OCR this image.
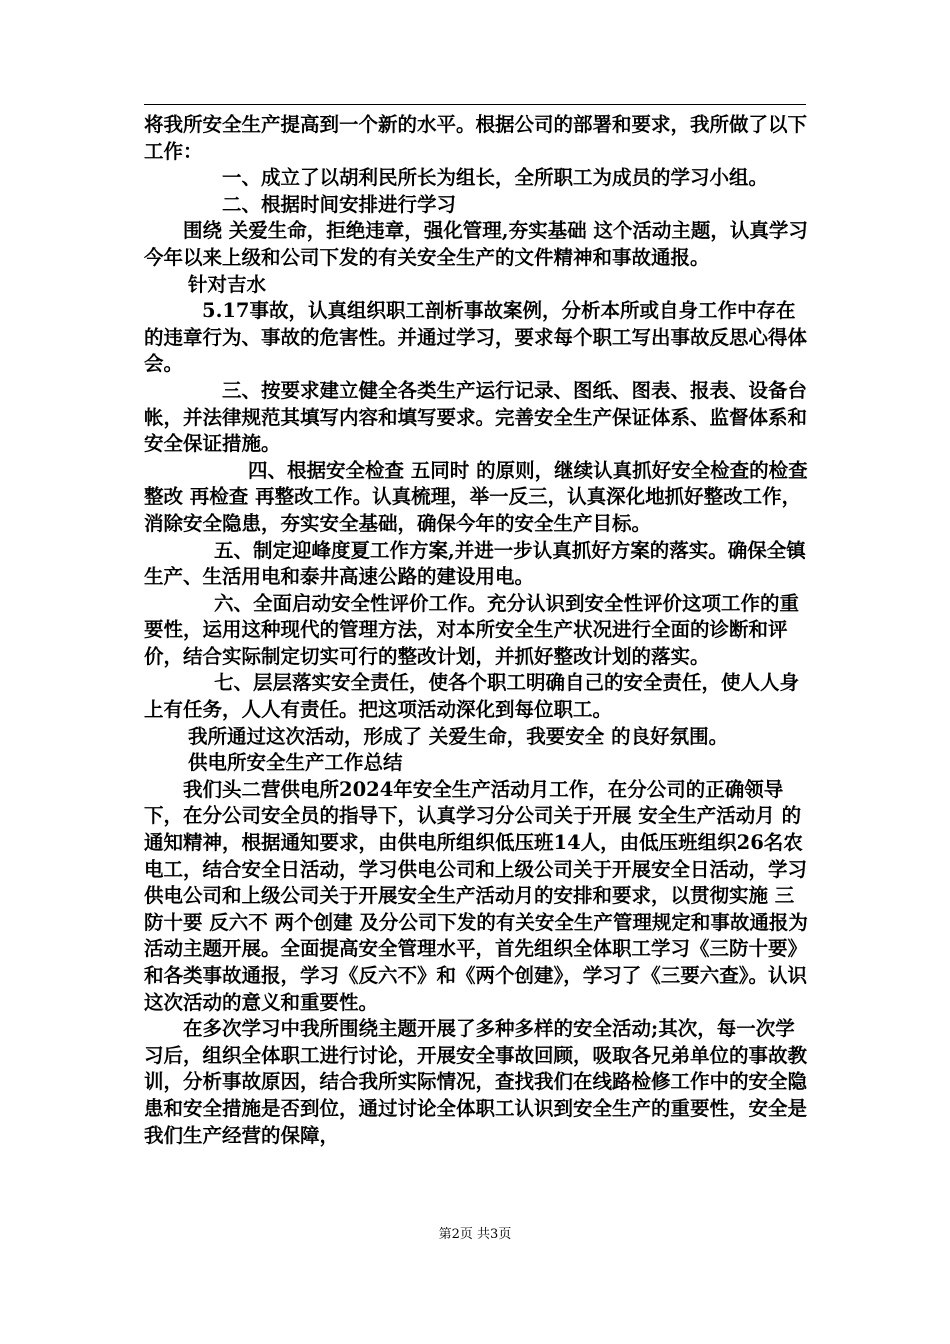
将我所安全生产提高到一个新的水平。根据公司的部署和要求，我所做了以下工作：

一、成立了以胡利民所长为组长，全所职工为成员的学习小组。

二、根据时间安排进行学习

围绕 关爱生命，拒绝违章，强化管理,夯实基础 这个活动主题，认真学习今年以来上级和公司下发的有关安全生产的文件精神和事故通报。

针对吉水

5.17事故，认真组织职工剖析事故案例，分析本所或自身工作中存在的违章行为、事故的危害性。并通过学习，要求每个职工写出事故反思心得体会。

三、按要求建立健全各类生产运行记录、图纸、图表、报表、设备台帐，并法律规范其填写内容和填写要求。完善安全生产保证体系、监督体系和安全保证措施。

四、根据安全检查 五同时 的原则，继续认真抓好安全检查的检查 整改 再检查 再整改工作。认真梳理，举一反三，认真深化地抓好整改工作，消除安全隐患，夯实安全基础，确保今年的安全生产目标。

五、制定迎峰度夏工作方案,并进一步认真抓好方案的落实。确保全镇生产、生活用电和泰井高速公路的建设用电。

六、全面启动安全性评价工作。充分认识到安全性评价这项工作的重要性，运用这种现代的管理方法，对本所安全生产状况进行全面的诊断和评价，结合实际制定切实可行的整改计划，并抓好整改计划的落实。

七、层层落实安全责任，使各个职工明确自己的安全责任，使人人身上有任务，人人有责任。把这项活动深化到每位职工。

我所通过这次活动，形成了 关爱生命，我要安全 的良好氛围。

供电所安全生产工作总结

我们头二营供电所2024年安全生产活动月工作，在分公司的正确领导下，在分公司安全员的指导下，认真学习分公司关于开展 安全生产活动月 的通知精神，根据通知要求，由供电所组织低压班14人，由低压班组织26名农电工，结合安全日活动，学习供电公司和上级公司关于开展安全日活动，学习供电公司和上级公司关于开展安全生产活动月的安排和要求，以贯彻实施 三防十要 反六不 两个创建 及分公司下发的有关安全生产管理规定和事故通报为活动主题开展。全面提高安全管理水平，首先组织全体职工学习《三防十要》和各类事故通报，学习《反六不》和《两个创建》，学习了《三要六查》。认识这次活动的意义和重要性。

在多次学习中我所围绕主题开展了多种多样的安全活动;其次，每一次学习后，组织全体职工进行讨论，开展安全事故回顾，吸取各兄弟单位的事故教训，分析事故原因，结合我所实际情况，查找我们在线路检修工作中的安全隐患和安全措施是否到位，通过讨论全体职工认识到安全生产的重要性，安全是我们生产经营的保障，

第2页 共3页
